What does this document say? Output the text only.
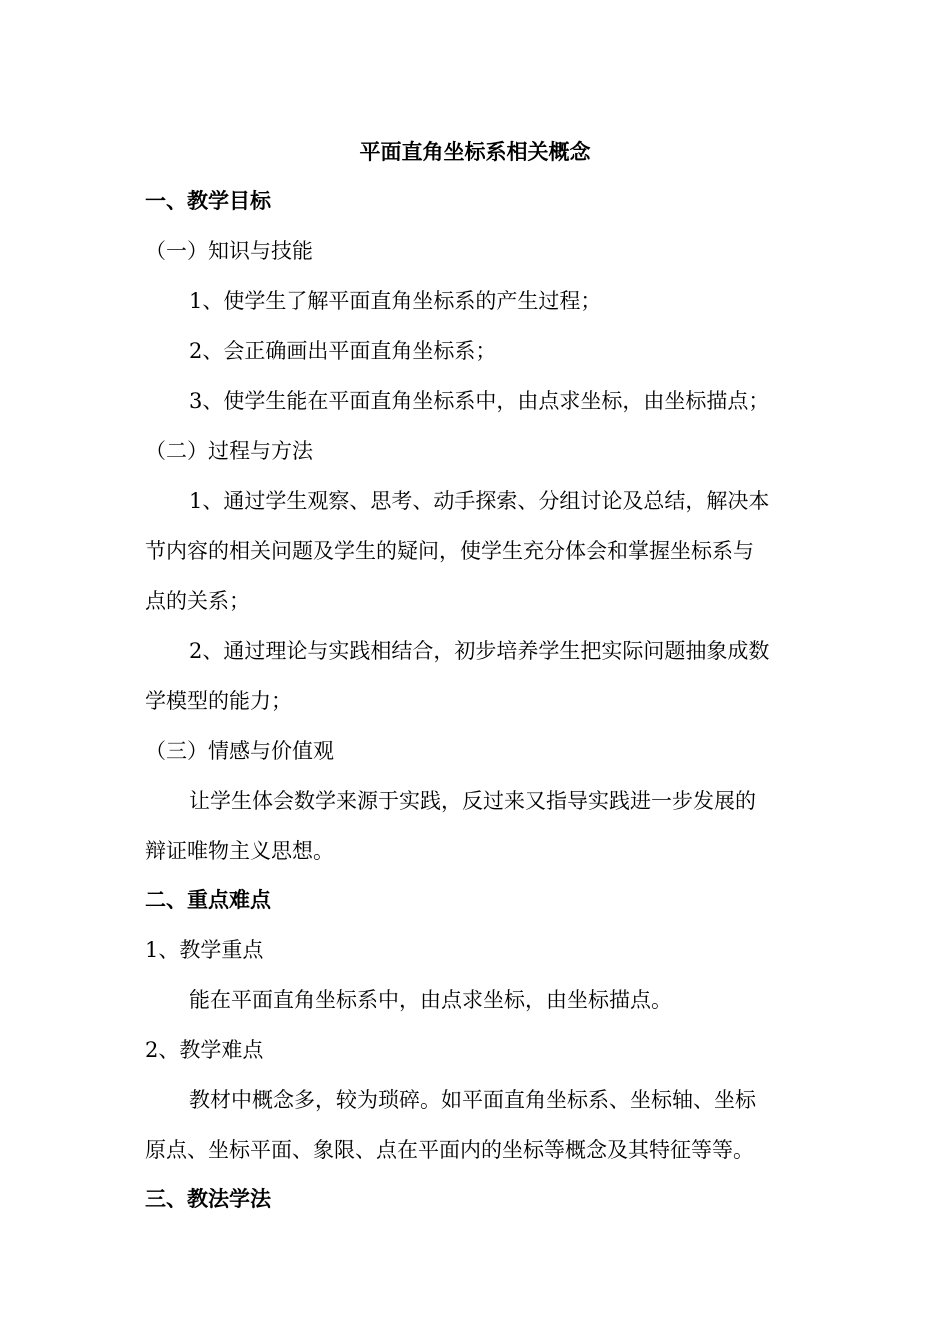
平面直角坐标系相关概念
一、教学目标
（一）知识与技能
1、使学生了解平面直角坐标系的产生过程；
2、会正确画出平面直角坐标系；
3、使学生能在平面直角坐标系中，由点求坐标，由坐标描点；
（二）过程与方法
1、通过学生观察、思考、动手探索、分组讨论及总结，解决本
节内容的相关问题及学生的疑问，使学生充分体会和掌握坐标系与
点的关系；
2、通过理论与实践相结合，初步培养学生把实际问题抽象成数
学模型的能力；
（三）情感与价值观
让学生体会数学来源于实践，反过来又指导实践进一步发展的
辩证唯物主义思想。
二、重点难点
1、教学重点
能在平面直角坐标系中，由点求坐标，由坐标描点。
2、教学难点
教材中概念多，较为琐碎。如平面直角坐标系、坐标轴、坐标
原点、坐标平面、象限、点在平面内的坐标等概念及其特征等等。
三、教法学法
